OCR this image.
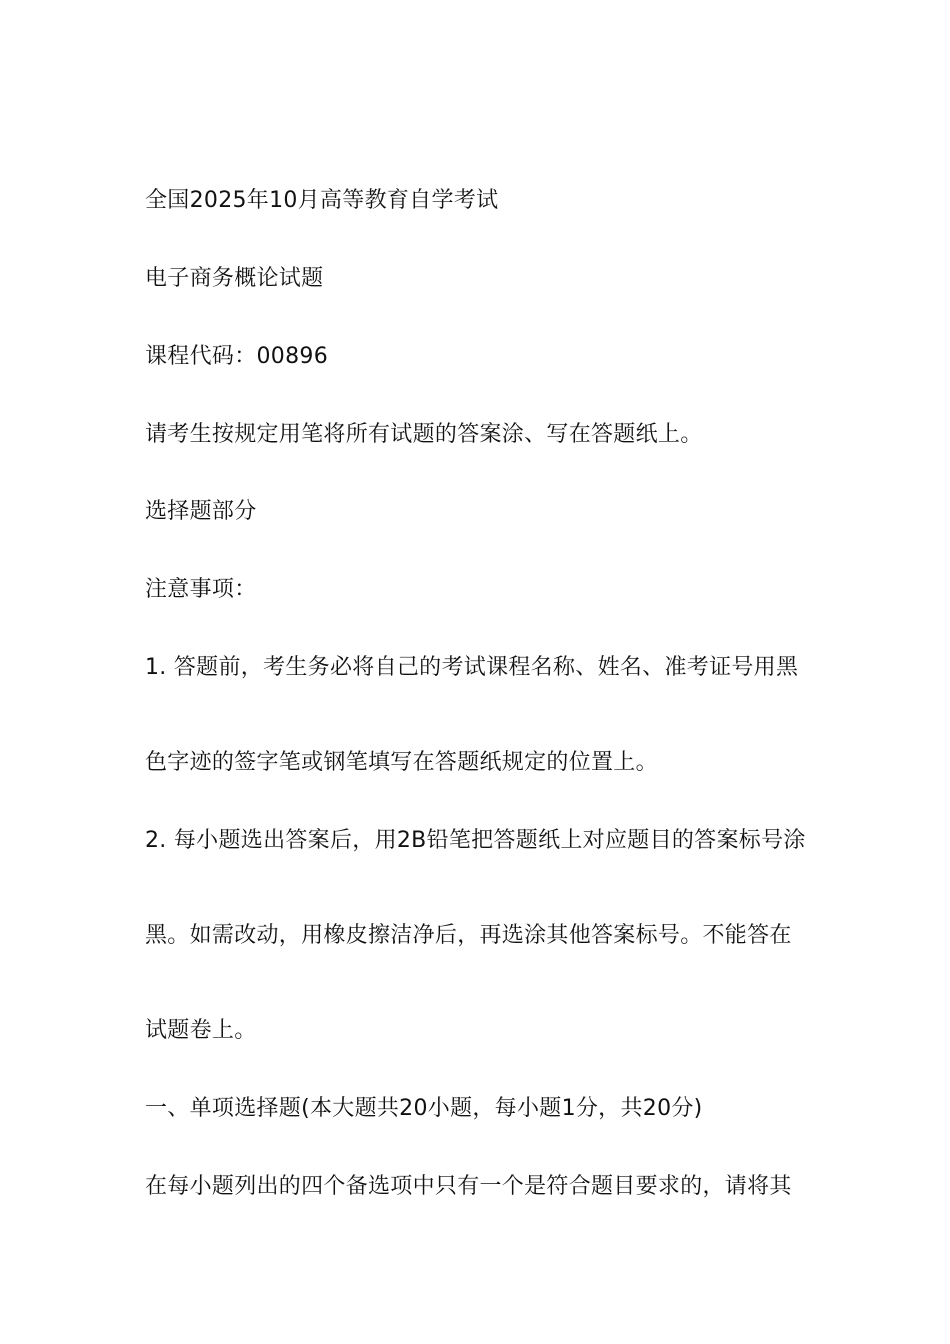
全国2025年10月高等教育自学考试
电子商务概论试题
课程代码：00896
请考生按规定用笔将所有试题的答案涂、写在答题纸上。
选择题部分
注意事项：
1. 答题前，考生务必将自己的考试课程名称、姓名、准考证号用黑
色字迹的签字笔或钢笔填写在答题纸规定的位置上。
2. 每小题选出答案后，用2B铅笔把答题纸上对应题目的答案标号涂
黑。如需改动，用橡皮擦洁净后，再选涂其他答案标号。不能答在
试题卷上。
一、单项选择题(本大题共20小题，每小题1分，共20分)
在每小题列出的四个备选项中只有一个是符合题目要求的，请将其
